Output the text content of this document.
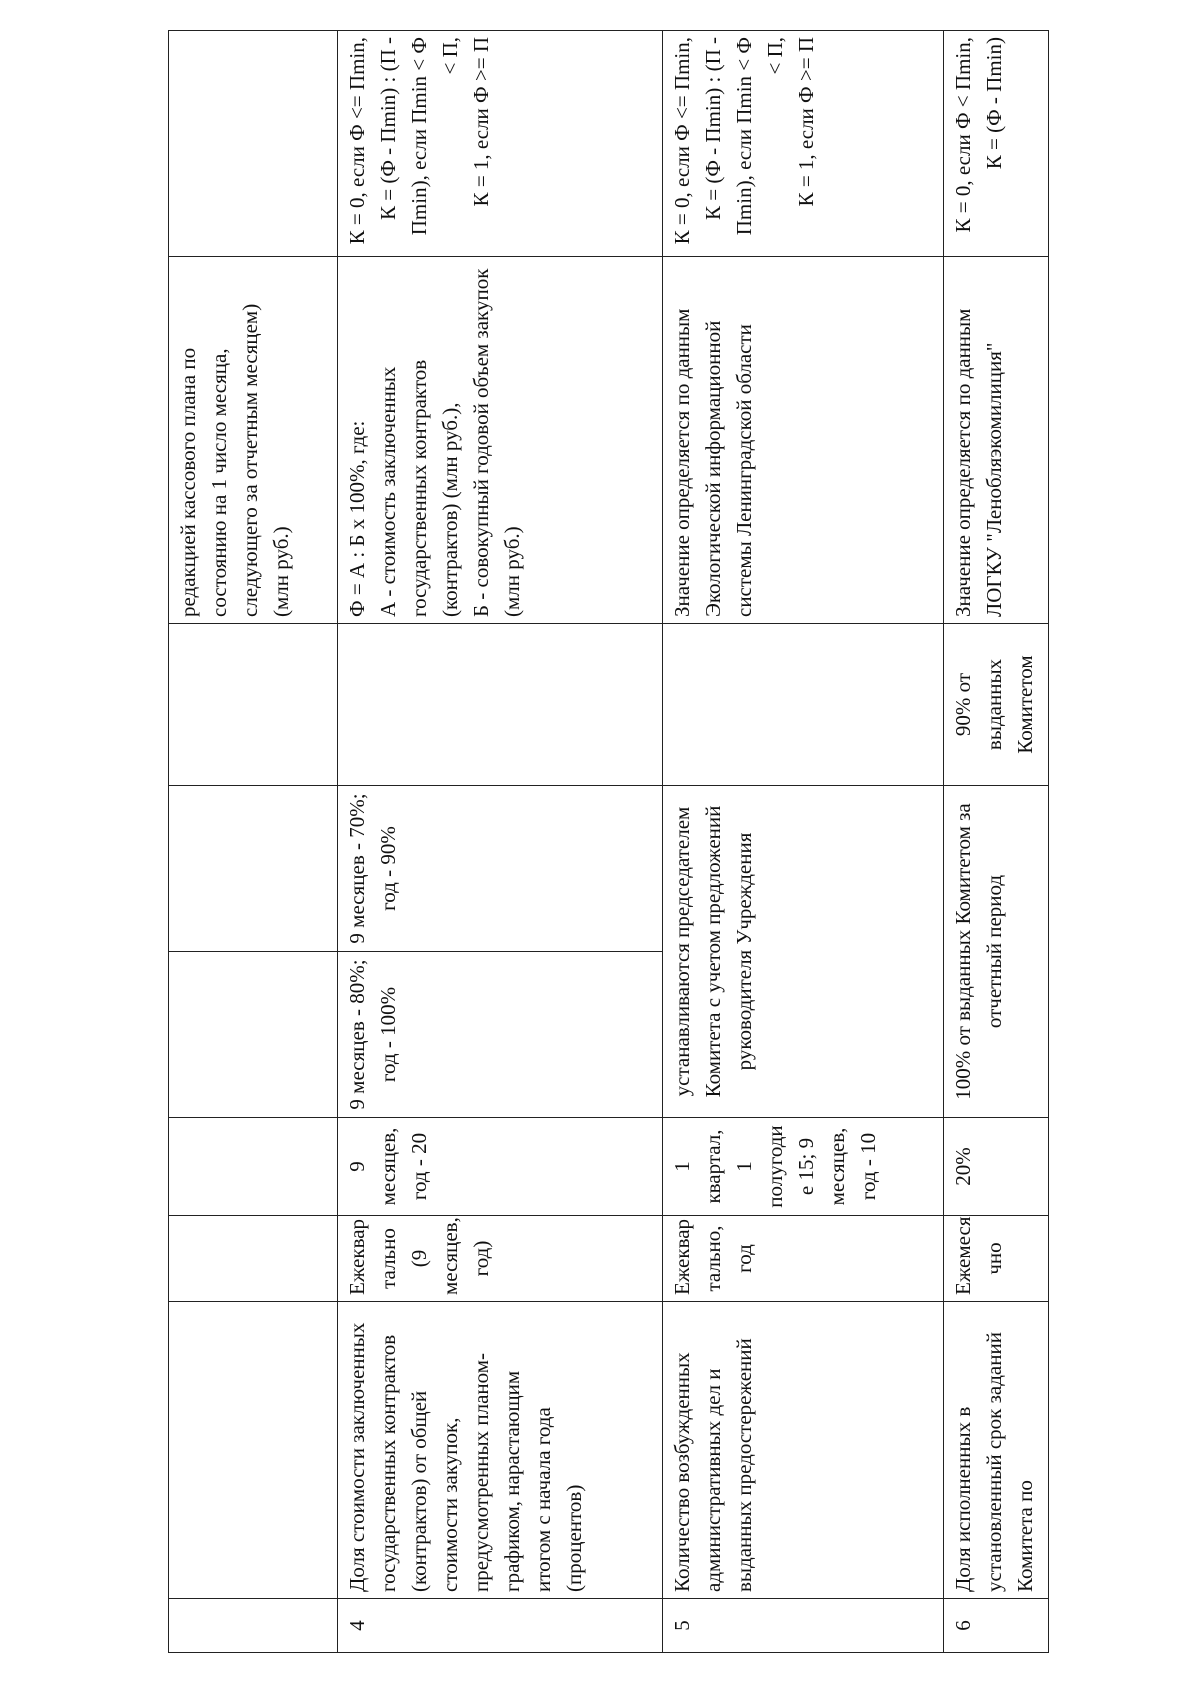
							редакцией кассового плана по состоянию на 1 число месяца, следующего за отчетным месяцем) (млн руб.)	
4	Доля стоимости заключенных государственных контрактов (контрактов) от общей стоимости закупок, предусмотренных планом-графиком, нарастающим итогом с начала года (процентов)	Ежеквар
тально (9 месяцев, год)	9 месяцев, год - 20	9 месяцев - 80%;
год - 100%	9 месяцев - 70%;
год - 90%		Ф = А : Б х 100%, где:
А - стоимость заключенных государственных контрактов (контрактов) (млн руб.),
Б - совокупный годовой объем закупок (млн руб.)	К = 0, если Ф <= Пmin,
К = (Ф - Пmin) : (П - Пmin), если Пmin < Ф < П,
К = 1, если Ф >= П
5	Количество возбужденных административных дел и выданных предостережений	Ежеквар тально, год	1 квартал, 1 полугоди е 15; 9 месяцев, год - 10	устанавливаются председателем Комитета с учетом предложений руководителя Учреждения			Значение определяется по данным Экологической информационной системы Ленинградской области	К = 0, если Ф <= Пmin,
К = (Ф - Пmin) : (П - Пmin), если Пmin < Ф < П,
К = 1, если Ф >= П
6	Доля исполненных в установленный срок заданий Комитета по	Ежемеся чно	20%	100% от выданных Комитетом за отчетный период		90% от выданных Комитетом	Значение определяется по данным ЛОГКУ "Ленобляэкомилиция"	К = 0, если Ф < Пmin,
К = (Ф - Пmin)
